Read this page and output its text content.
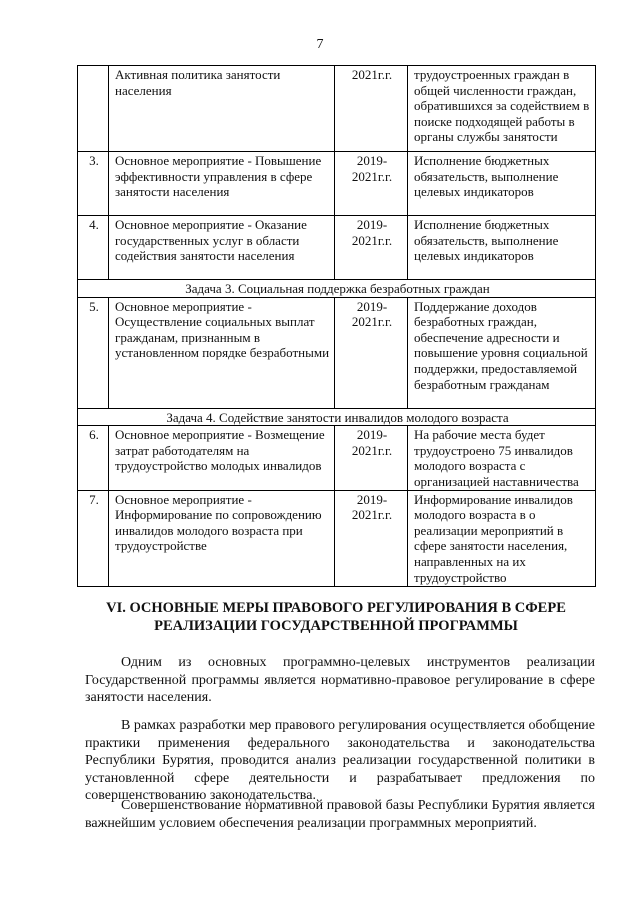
7
	Активная политика занятости населения	2021г.г.	трудоустроенных граждан в общей численности граждан, обратившихся за содействием в поиске подходящей работы в органы службы занятости
3.	Основное мероприятие - Повышение эффективности управления в сфере занятости населения	2019-2021г.г.	Исполнение бюджетных обязательств, выполнение целевых индикаторов
4.	Основное мероприятие - Оказание государственных услуг в области содействия занятости населения	2019-2021г.г.	Исполнение бюджетных обязательств, выполнение целевых индикаторов
Задача 3. Социальная поддержка безработных граждан			
5.	Основное мероприятие - Осуществление социальных выплат гражданам, признанным в установленном порядке безработными	2019-2021г.г.	Поддержание доходов безработных граждан, обеспечение адресности и повышение уровня социальной поддержки, предоставляемой безработным гражданам
Задача 4. Содействие занятости инвалидов молодого возраста			
6.	Основное мероприятие - Возмещение затрат работодателям на трудоустройство молодых инвалидов	2019-2021г.г.	На рабочие места будет трудоустроено 75 инвалидов молодого возраста с организацией наставничества
7.	Основное мероприятие - Информирование по сопровождению инвалидов молодого возраста при трудоустройстве	2019-2021г.г.	Информирование инвалидов молодого возраста в о реализации мероприятий в сфере занятости населения, направленных на их трудоустройство
VI. ОСНОВНЫЕ МЕРЫ ПРАВОВОГО РЕГУЛИРОВАНИЯ В СФЕРЕ РЕАЛИЗАЦИИ ГОСУДАРСТВЕННОЙ ПРОГРАММЫ

Одним из основных программно-целевых инструментов реализации Государственной программы является нормативно-правовое регулирование в сфере занятости населения.

В рамках разработки мер правового регулирования осуществляется обобщение практики применения федерального законодательства и законодательства Республики Бурятия, проводится анализ реализации государственной политики в установленной сфере деятельности и разрабатывает предложения по совершенствованию законодательства.

Совершенствование нормативной правовой базы Республики Бурятия является важнейшим условием обеспечения реализации программных мероприятий.
